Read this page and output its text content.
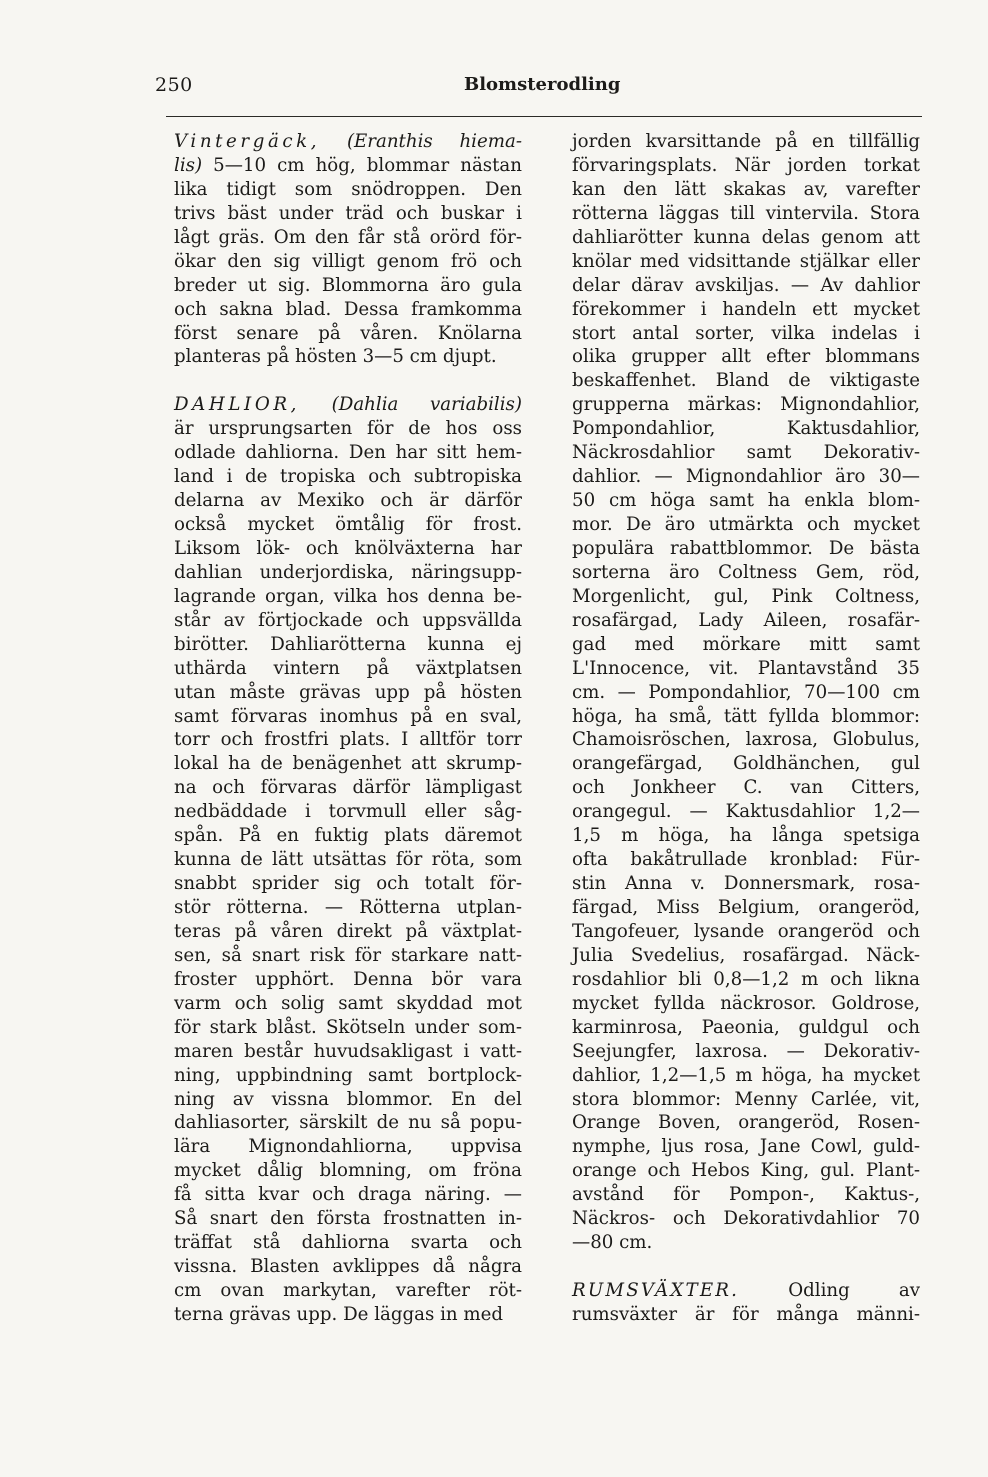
250	Blomsterodling
Vintergäck, (Eranthis hiema-
lis) 5—10 cm hög, blommar nästan
lika tidigt som snödroppen. Den
trivs bäst under träd och buskar i
lågt gräs. Om den får stå orörd för-
ökar den sig villigt genom frö och
breder ut sig. Blommorna äro gula
och sakna blad. Dessa framkomma
först senare på våren. Knölarna
planteras på hösten 3—5 cm djupt.
DAHLIOR, (Dahlia variabilis)
är ursprungsarten för de hos oss
odlade dahliorna. Den har sitt hem-
land i de tropiska och subtropiska
delarna av Mexiko och är därför
också mycket ömtålig för frost.
Liksom lök- och knölväxterna har
dahlian underjordiska, näringsupp-
lagrande organ, vilka hos denna be-
står av förtjockade och uppsvällda
birötter. Dahliarötterna kunna ej
uthärda vintern på växtplatsen
utan måste grävas upp på hösten
samt förvaras inomhus på en sval,
torr och frostfri plats. I alltför torr
lokal ha de benägenhet att skrump-
na och förvaras därför lämpligast
nedbäddade i torvmull eller såg-
spån. På en fuktig plats däremot
kunna de lätt utsättas för röta, som
snabbt sprider sig och totalt för-
stör rötterna. — Rötterna utplan-
teras på våren direkt på växtplat-
sen, så snart risk för starkare natt-
froster upphört. Denna bör vara
varm och solig samt skyddad mot
för stark blåst. Skötseln under som-
maren består huvudsakligast i vatt-
ning, uppbindning samt bortplock-
ning av vissna blommor. En del
dahliasorter, särskilt de nu så popu-
lära Mignondahliorna, uppvisa
mycket dålig blomning, om fröna
få sitta kvar och draga näring. —
Så snart den första frostnatten in-
träffat stå dahliorna svarta och
vissna. Blasten avklippes då några
cm ovan markytan, varefter röt-
terna grävas upp. De läggas in med
jorden kvarsittande på en tillfällig
förvaringsplats. När jorden torkat
kan den lätt skakas av, varefter
rötterna läggas till vintervila. Stora
dahliarötter kunna delas genom att
knölar med vidsittande stjälkar eller
delar därav avskiljas. — Av dahlior
förekommer i handeln ett mycket
stort antal sorter, vilka indelas i
olika grupper allt efter blommans
beskaffenhet. Bland de viktigaste
grupperna märkas: Mignondahlior,
Pompondahlior, Kaktusdahlior,
Näckrosdahlior samt Dekorativ-
dahlior. — Mignondahlior äro 30—
50 cm höga samt ha enkla blom-
mor. De äro utmärkta och mycket
populära rabattblommor. De bästa
sorterna äro Coltness Gem, röd,
Morgenlicht, gul, Pink Coltness,
rosafärgad, Lady Aileen, rosafär-
gad med mörkare mitt samt
L'Innocence, vit. Plantavstånd 35
cm. — Pompondahlior, 70—100 cm
höga, ha små, tätt fyllda blommor:
Chamoisröschen, laxrosa, Globulus,
orangefärgad, Goldhänchen, gul
och Jonkheer C. van Citters,
orangegul. — Kaktusdahlior 1,2—
1,5 m höga, ha långa spetsiga
ofta bakåtrullade kronblad: Für-
stin Anna v. Donnersmark, rosa-
färgad, Miss Belgium, orangeröd,
Tangofeuer, lysande orangeröd och
Julia Svedelius, rosafärgad. Näck-
rosdahlior bli 0,8—1,2 m och likna
mycket fyllda näckrosor. Goldrose,
karminrosa, Paeonia, guldgul och
Seejungfer, laxrosa. — Dekorativ-
dahlior, 1,2—1,5 m höga, ha mycket
stora blommor: Menny Carlée, vit,
Orange Boven, orangeröd, Rosen-
nymphe, ljus rosa, Jane Cowl, guld-
orange och Hebos King, gul. Plant-
avstånd för Pompon-, Kaktus-,
Näckros- och Dekorativdahlior 70
—80 cm.
RUMSVÄXTER.	Odling av
rumsväxter är för många männi-
